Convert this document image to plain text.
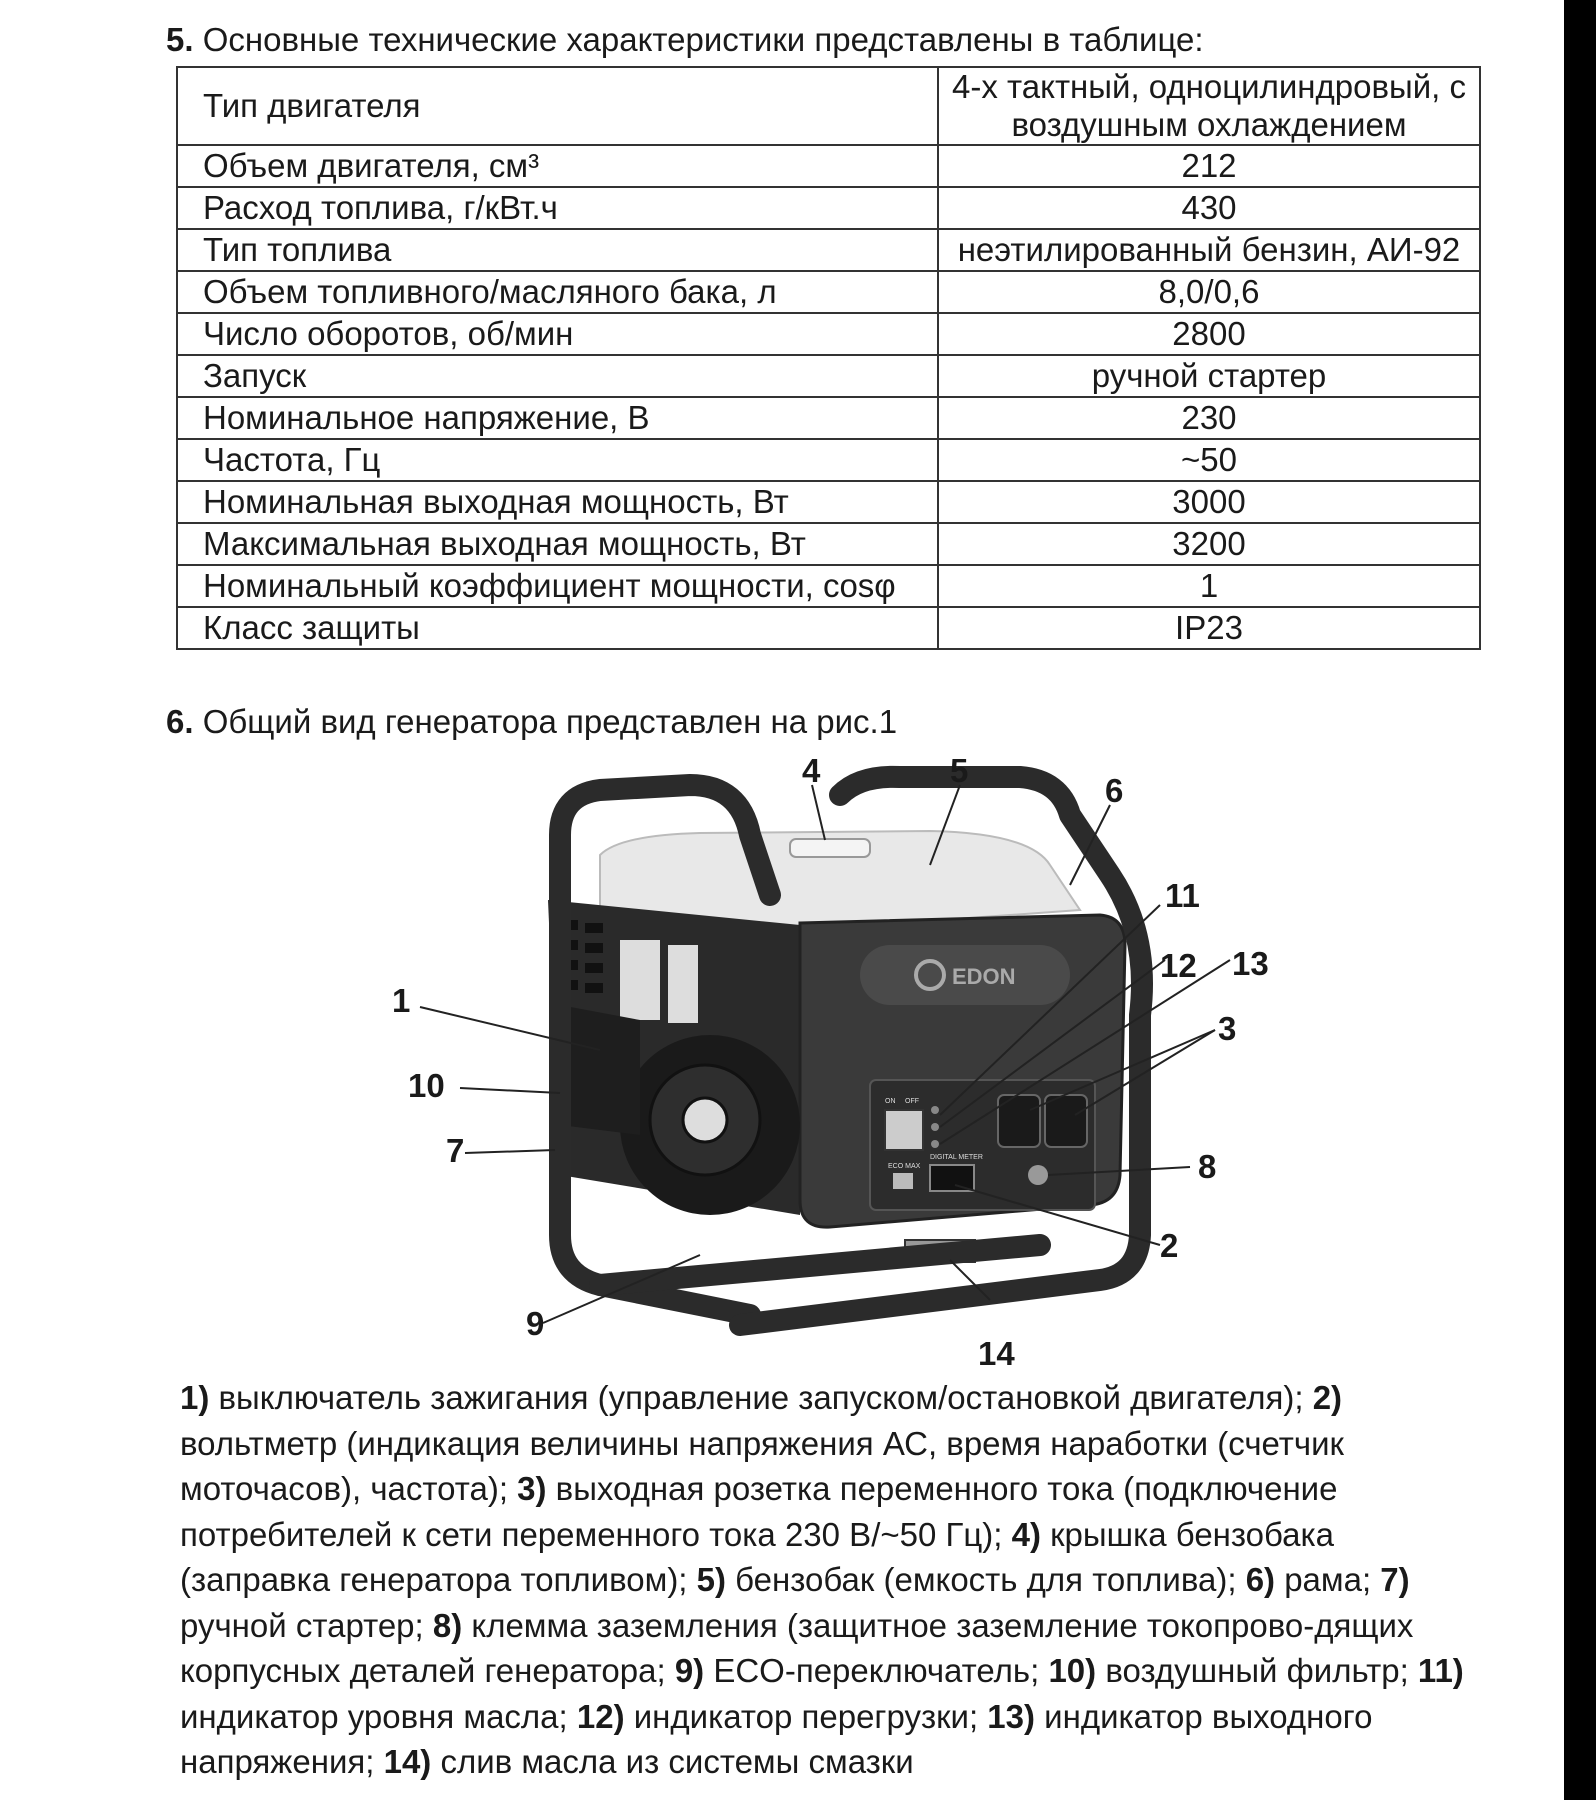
5. Основные технические характеристики представлены в таблице:
Тип двигателя	4-х тактный, одноцилиндровый, с воздушным охлаждением
Объем двигателя, см³	212
Расход топлива, г/кВт.ч	430
Тип топлива	неэтилированный бензин, АИ-92
Объем топливного/масляного бака, л	8,0/0,6
Число оборотов, об/мин	2800
Запуск	ручной стартер
Номинальное напряжение, В	230
Частота, Гц	~50
Номинальная выходная мощность, Вт	3000
Максимальная выходная мощность, Вт	3200
Номинальный коэффициент мощности, cosφ	1
Класс защиты	IP23
6. Общий вид генератора представлен на рис.1
EDON
ON OFF
ECO MAX
DIGITAL METER
1
2
3
4	5
6
7	8
9
10
11
12 13
14
1) выключатель зажигания (управление запуском/остановкой двигателя); 2) вольтметр (индикация величины напряжения АС, время наработки (счетчик моточасов), частота); 3) выходная розетка переменного тока (подключение потребителей к сети переменного тока 230 В/~50 Гц); 4) крышка бензобака (заправка генератора топливом); 5) бензобак (емкость для топлива); 6) рама; 7) ручной стартер; 8) клемма заземления (защитное заземление токопрово-дящих корпусных деталей генератора; 9) ECO-переключатель; 10) воздушный фильтр; 11) индикатор уровня масла; 12) индикатор перегрузки; 13) индикатор выходного напряжения; 14) слив масла из системы смазки
